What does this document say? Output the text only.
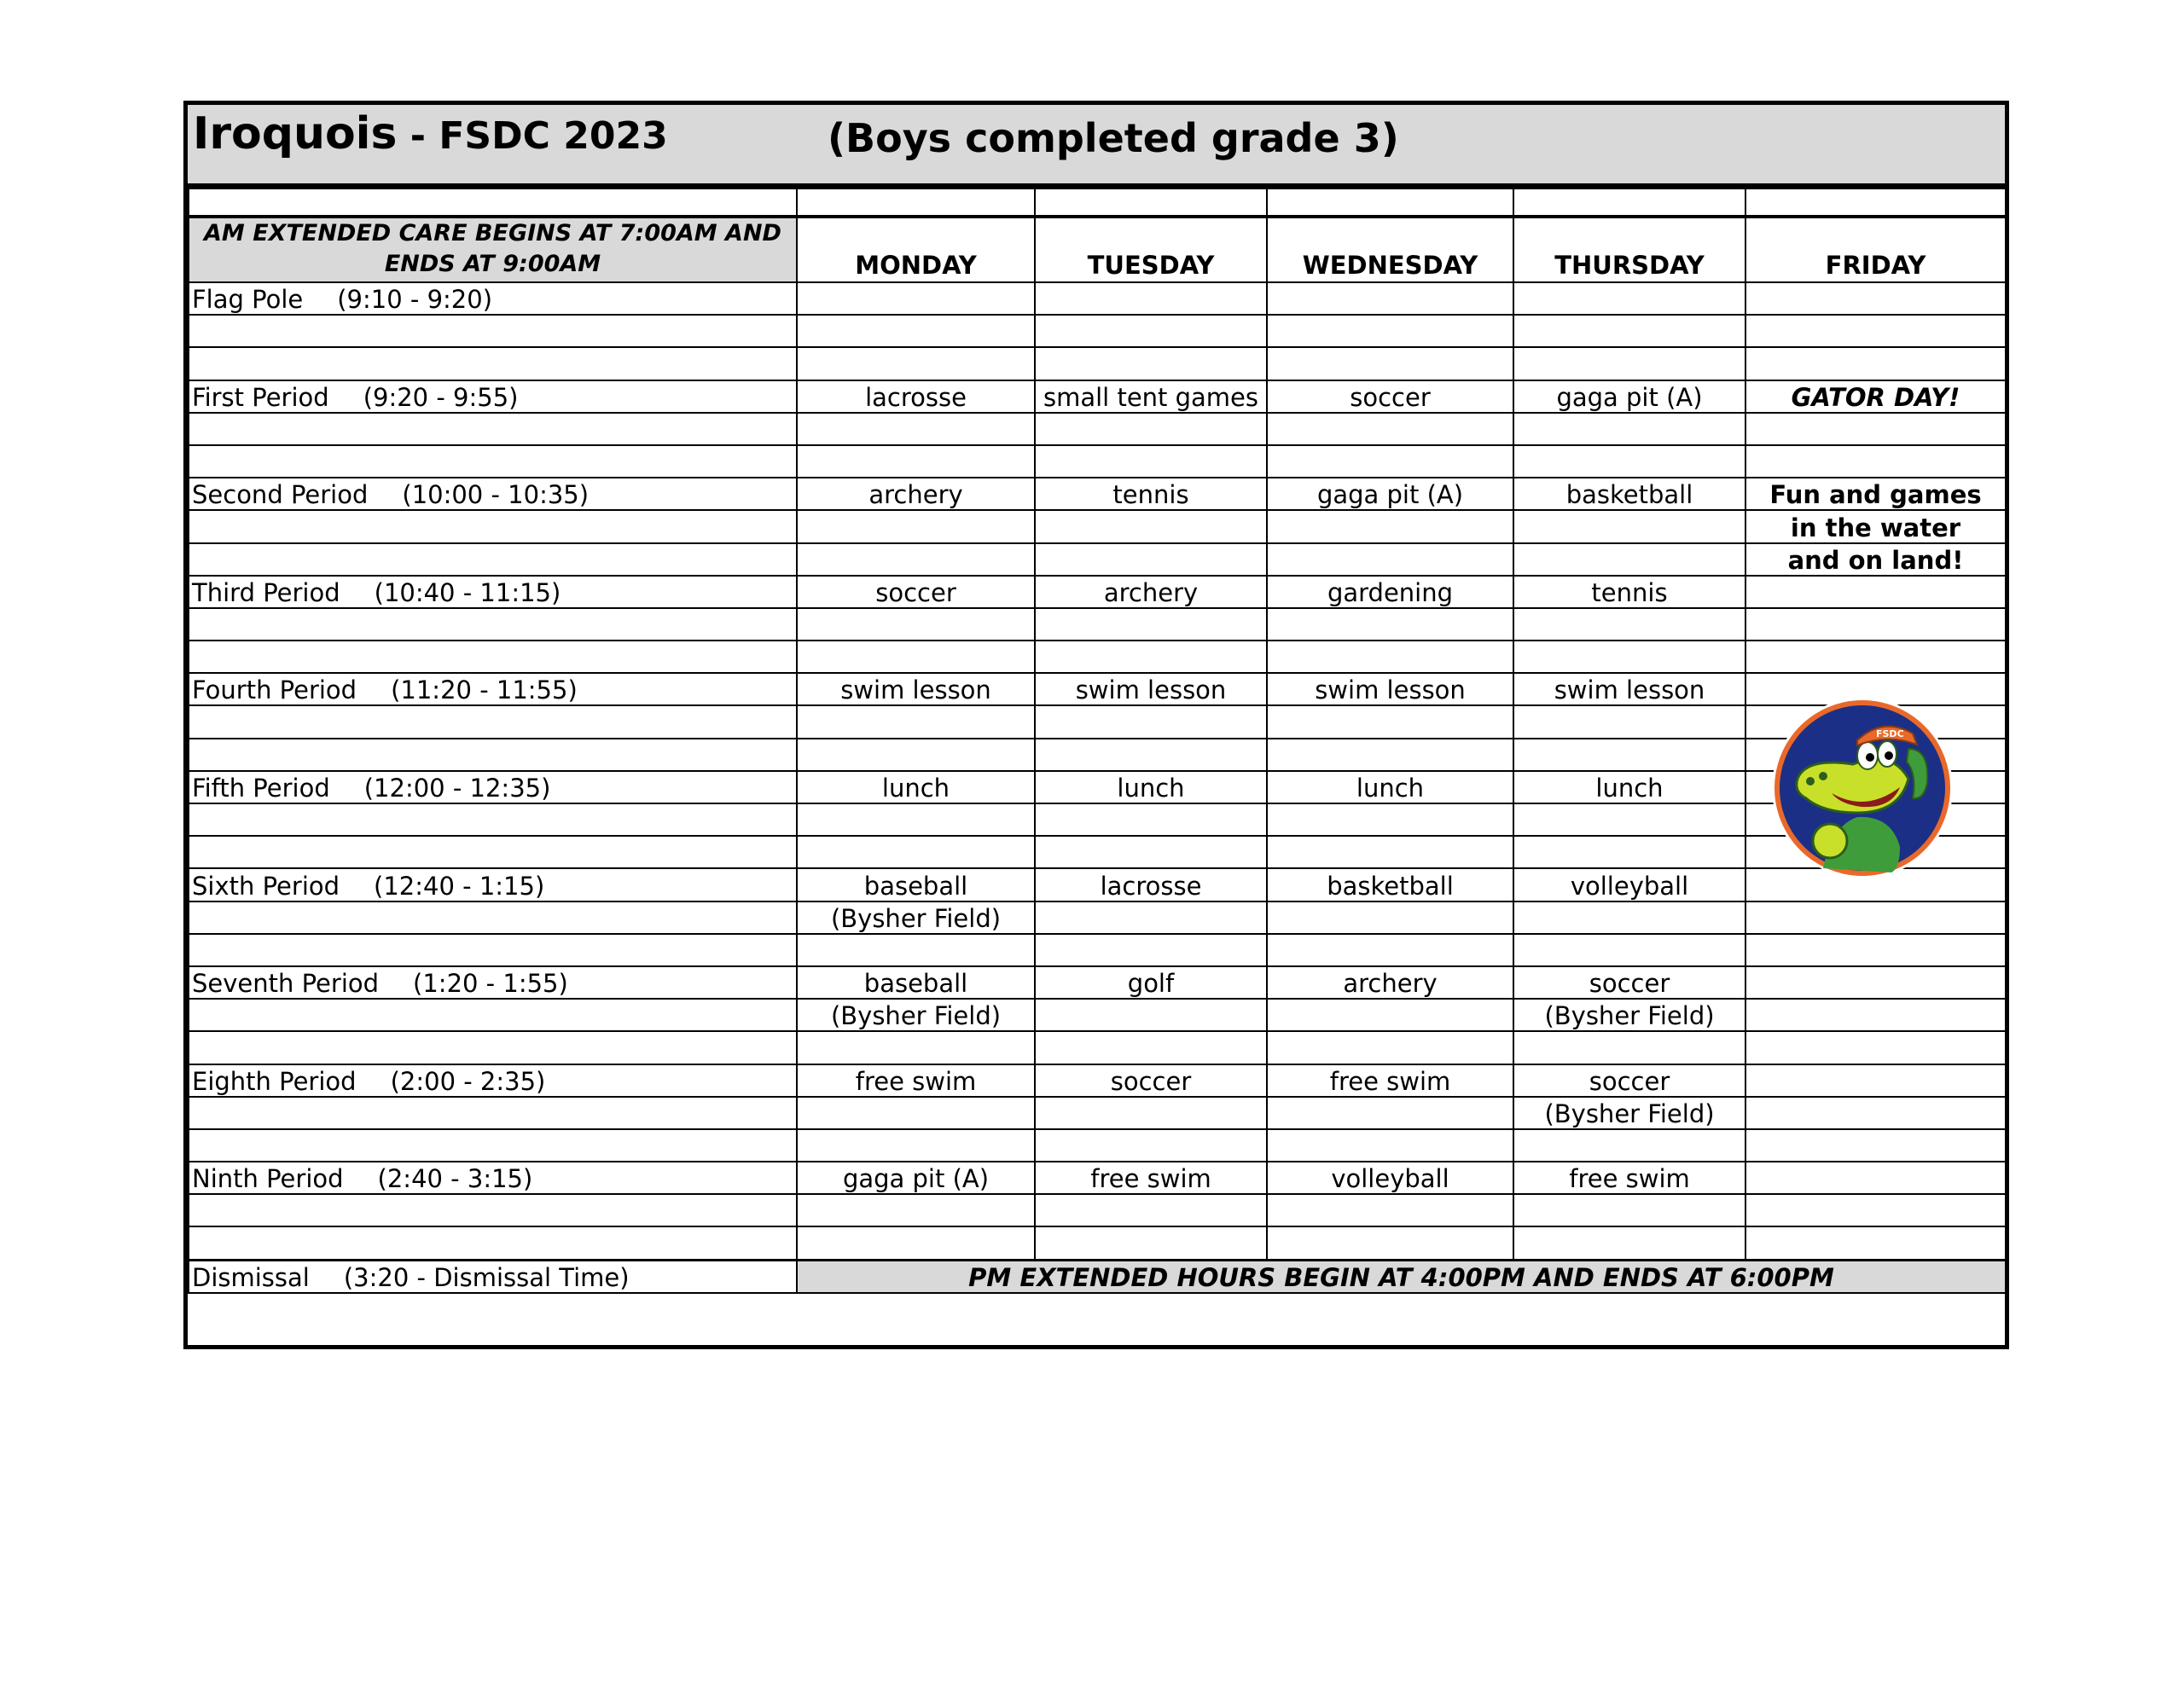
Iroquois - FSDC 2023	(Boys completed grade 3)

AM EXTENDED CARE BEGINS AT 7:00AM AND ENDS AT 9:00AM	MONDAY	TUESDAY	WEDNESDAY	THURSDAY	FRIDAY
Flag Pole (9:10 - 9:20)					

First Period (9:20 - 9:55)	lacrosse	small tent games	soccer	gaga pit (A)	GATOR DAY!

Second Period (10:00 - 10:35)	archery	tennis	gaga pit (A)	basketball	Fun and games
					in the water
					and on land!
Third Period (10:40 - 11:15)	soccer	archery	gardening	tennis	

Fourth Period (11:20 - 11:55)	swim lesson	swim lesson	swim lesson	swim lesson	

Fifth Period (12:00 - 12:35)	lunch	lunch	lunch	lunch	

Sixth Period (12:40 - 1:15)	baseball	lacrosse	basketball	volleyball	
	(Bysher Field)				

Seventh Period (1:20 - 1:55)	baseball	golf	archery	soccer	
	(Bysher Field)			(Bysher Field)	

Eighth Period (2:00 - 2:35)	free swim	soccer	free swim	soccer	
				(Bysher Field)	

Ninth Period (2:40 - 3:15)	gaga pit (A)	free swim	volleyball	free swim	

Dismissal (3:20 - Dismissal Time)	PM EXTENDED HOURS BEGIN AT 4:00PM AND ENDS AT 6:00PM				
FSDC
